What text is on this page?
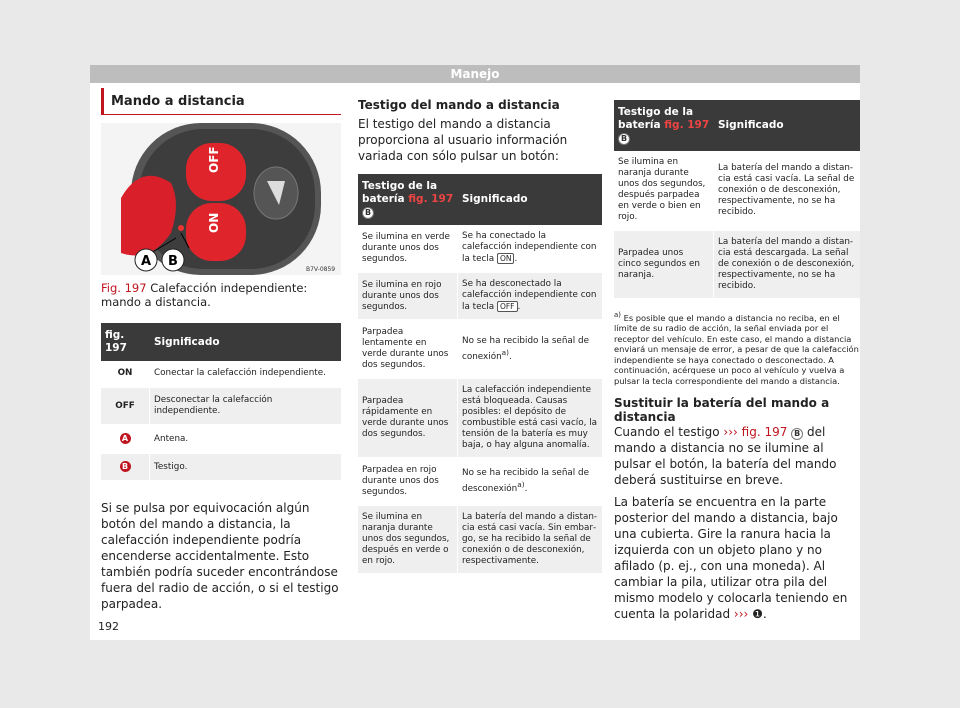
Manejo
Mando a distancia
OFF
ON
A B
B7V-0859
Fig. 197 Calefacción independiente: mando a distancia.
fig. 197	Significado
ON	Conectar la calefacción independiente.
OFF	Desconectar la calefacción independiente.
A	Antena.
B	Testigo.
Si se pulsa por equivocación algún botón del mando a distancia, la calefacción independiente podría encenderse accidentalmente. Esto también podría suceder encontrándose fuera del radio de acción, o si el testigo parpadea.
Testigo del mando a distancia
El testigo del mando a distancia proporciona al usuario información variada con sólo pulsar un botón:
Testigo de la batería fig. 197 B	Significado
Se ilumina en verde durante unos dos segundos.	Se ha conectado la calefacción independiente con la tecla ON .
Se ilumina en rojo durante unos dos segundos.	Se ha desconectado la calefacción independiente con la tecla OFF .
Parpadea lentamente en verde durante unos dos segundos.	No se ha recibido la señal de conexión$^{a)}$.
Parpadea rápidamente en verde durante unos dos segundos.	La calefacción independiente está bloqueada. Causas posibles: el depósito de combustible está casi vacío, la tensión de la batería es muy baja, o hay alguna anomalía.
Parpadea en rojo durante unos dos segundos.	No se ha recibido la señal de desconexión$^{a)}$.
Se ilumina en naranja durante unos dos segundos, después en verde o en rojo.	La batería del mando a distancia está casi vacía. Sin embargo, se ha recibido la señal de conexión o de desconexión, respectivamente.
Testigo de la batería fig. 197 B	Significado
Se ilumina en naranja durante unos dos segundos, después parpadea en verde o bien en rojo.	La batería del mando a distancia está casi vacía. La señal de conexión o de desconexión, respectivamente, no se ha recibido.
Parpadea unos cinco segundos en naranja.	La batería del mando a distancia está descargada. La señal de conexión o de desconexión, respectivamente, no se ha recibido.
$^{a)}$ Es posible que el mando a distancia no reciba, en el límite de su radio de acción, la señal enviada por el receptor del vehículo. En este caso, el mando a distancia enviará un mensaje de error, a pesar de que la calefacción independiente se haya conectado o desconectado. A continuación, acérquese un poco al vehículo y vuelva a pulsar la tecla correspondiente del mando a distancia.
Sustituir la batería del mando a distancia

Cuando el testigo ››› fig. 197 B del mando a distancia no se ilumine al pulsar el botón, la batería del mando deberá sustituirse en breve.

La batería se encuentra en la parte posterior del mando a distancia, bajo una cubierta. Gire la ranura hacia la izquierda con un objeto plano y no afilado (p. ej., con una moneda). Al cambiar la pila, utilizar otra pila del mismo modelo y colocarla teniendo en cuenta la polaridad ››› ❶.

192
